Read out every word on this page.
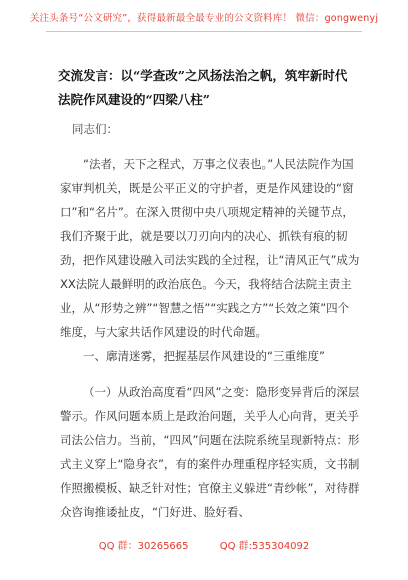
关注头条号“公文研究”，获得最新最全最专业的公文资料库！ 微信：gongwenyj
交流发言：以“学查改”之风扬法治之帆，筑牢新时代法院作风建设的“四梁八柱”
同志们：
“法者，天下之程式，万事之仪表也。”人民法院作为国家审判机关，既是公平正义的守护者，更是作风建设的“窗口”和“名片”。在深入贯彻中央八项规定精神的关键节点，我们齐聚于此，就是要以刀刃向内的决心、抓铁有痕的韧劲，把作风建设融入司法实践的全过程，让“清风正气”成为XX法院人最鲜明的政治底色。今天，我将结合法院主责主业，从“形势之辨”“智慧之悟”“实践之方”“长效之策”四个维度，与大家共话作风建设的时代命题。
一、廓清迷雾，把握基层作风建设的“三重维度”
（一）从政治高度看“四风”之变：隐形变异背后的深层警示。作风问题本质上是政治问题，关乎人心向背，更关乎司法公信力。当前，“四风”问题在法院系统呈现新特点：形式主义穿上“隐身衣”，有的案件办理重程序轻实质，文书制作照搬模板、缺乏针对性；官僚主义躲进“青纱帐”，对待群众咨询推诿扯皮，“门好进、脸好看、
QQ 群：30265665	QQ 群:535304092
